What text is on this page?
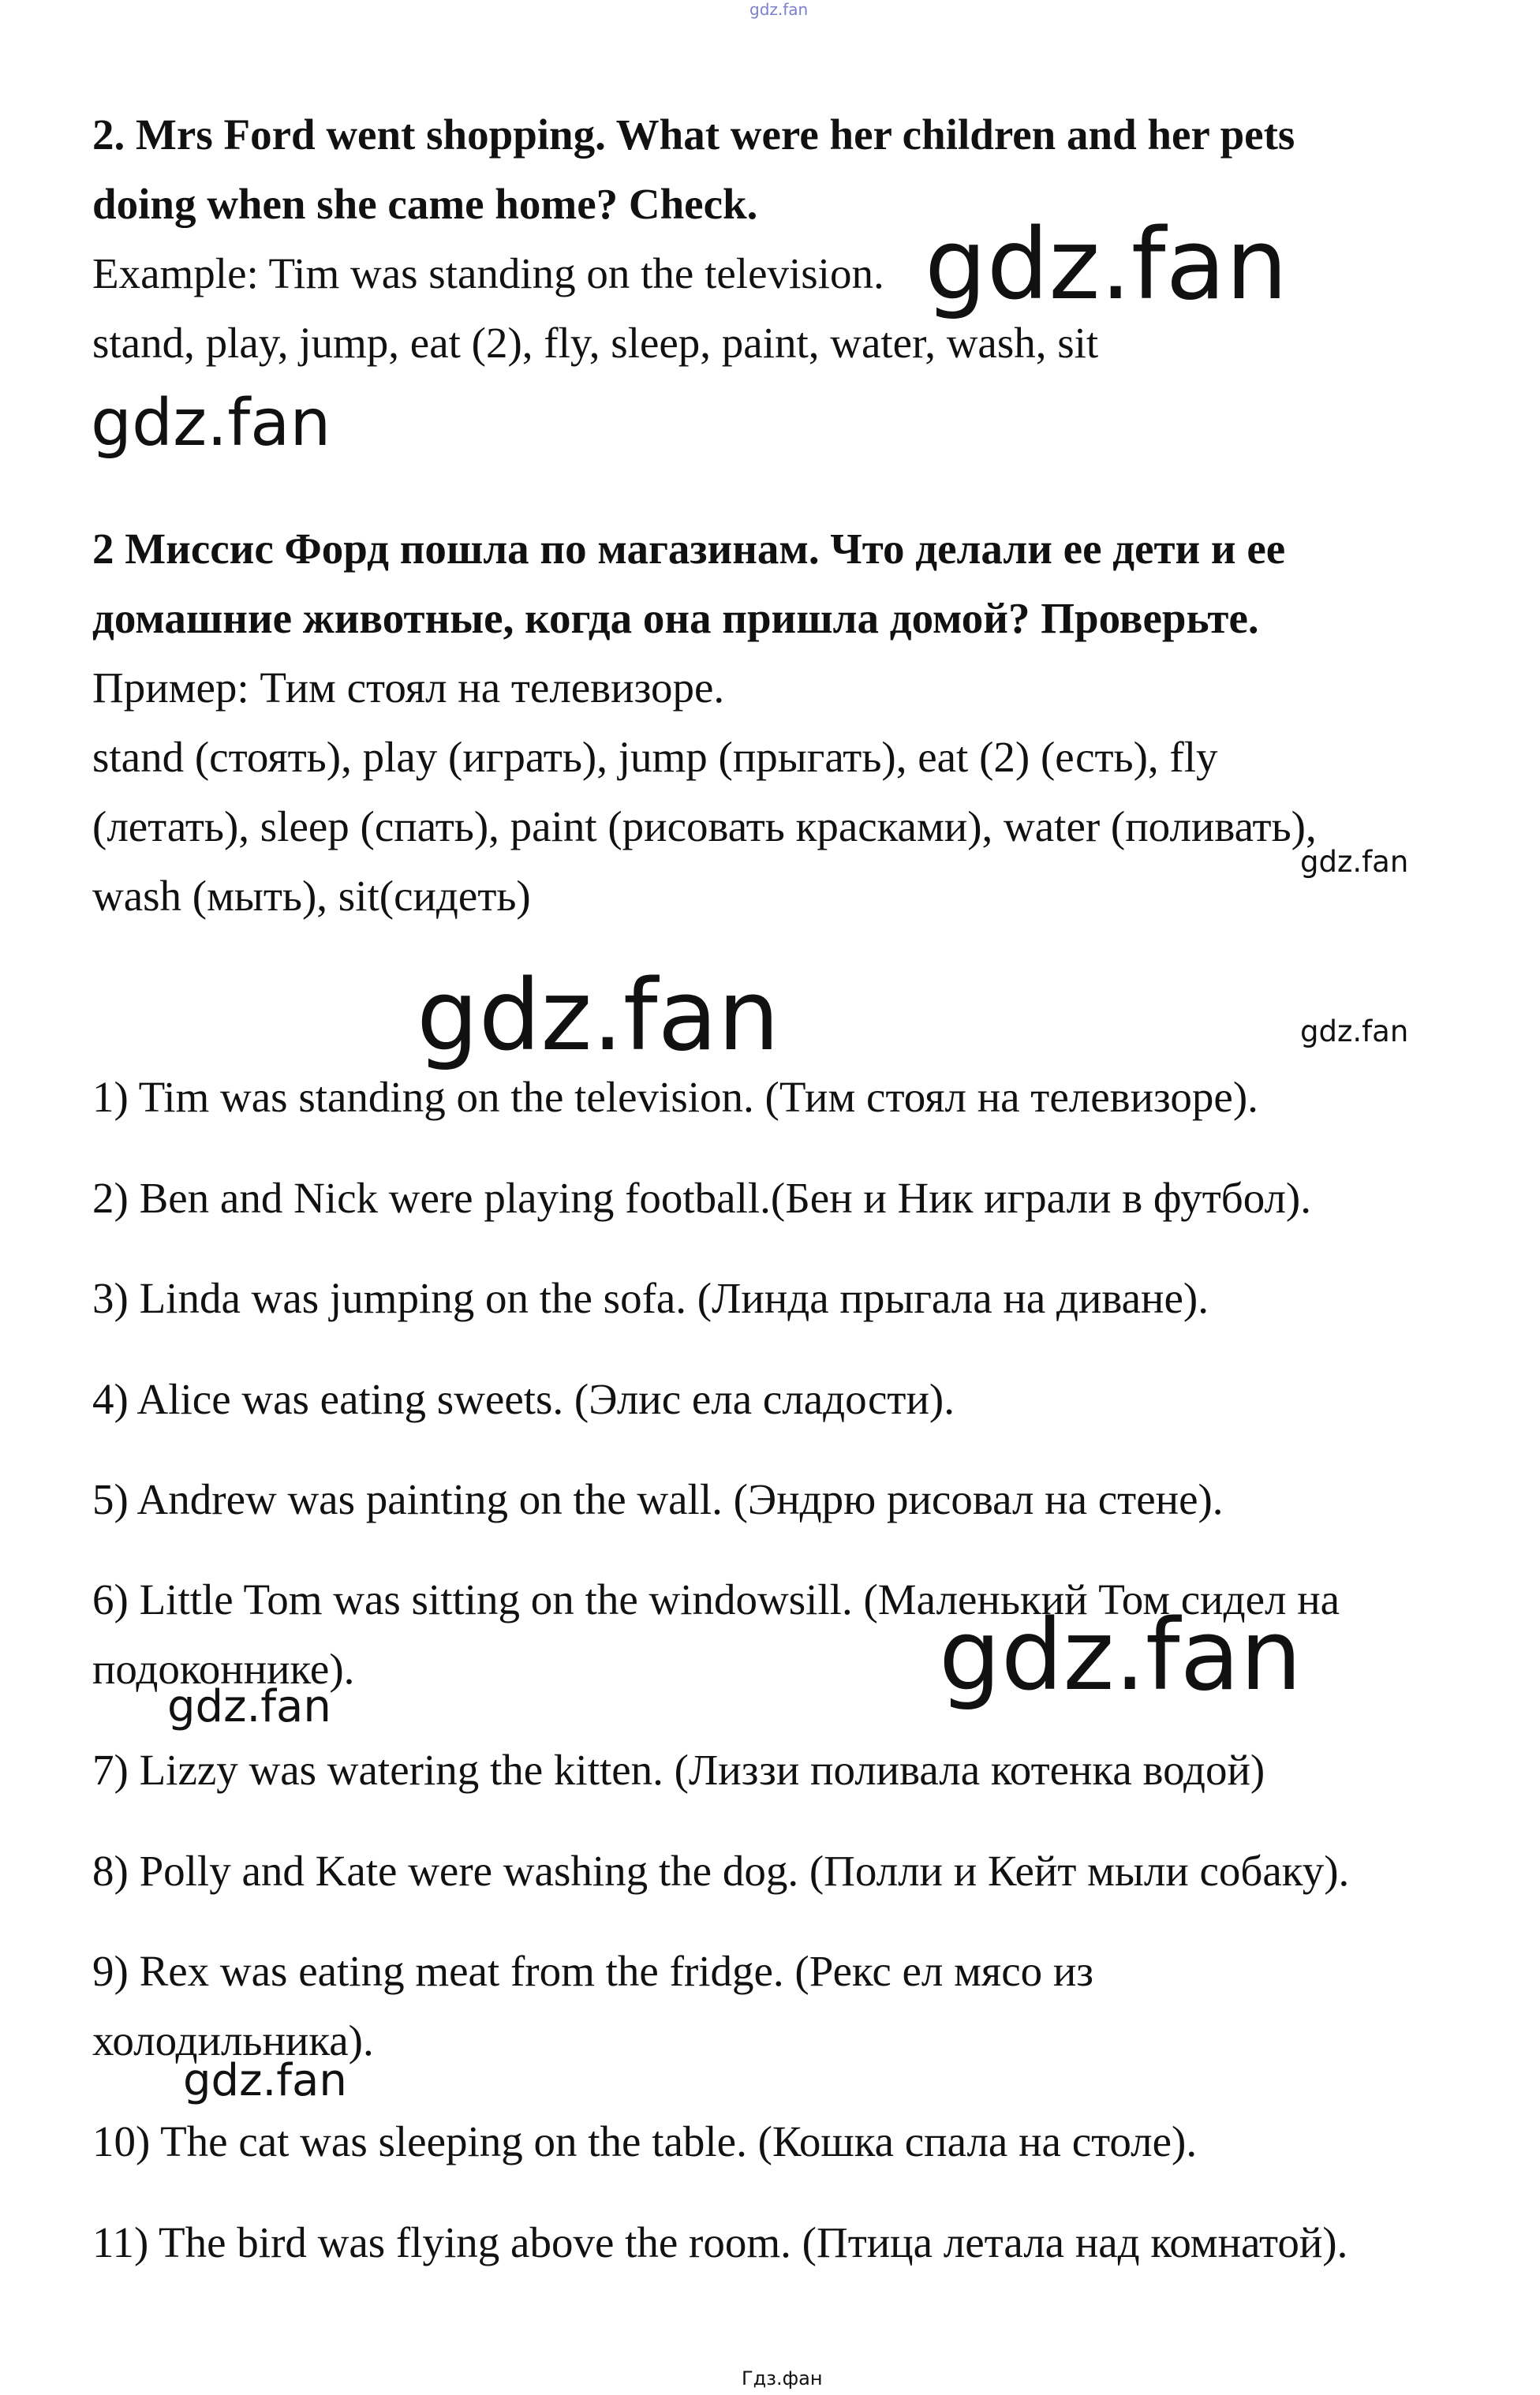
gdz.fan
2. Mrs Ford went shopping. What were her children and her pets
doing when she came home? Check.
Example: Tim was standing on the television. gdz.fan
stand, play, jump, eat (2), fly, sleep, paint, water, wash, sit
gdz.fan
2 Миссис Форд пошла по магазинам. Что делали ее дети и ее
домашние животные, когда она пришла домой? Проверьте.
Пример: Тим стоял на телевизоре.
stand (стоять), play (играть), jump (прыгать), eat (2) (есть), fly
(летать), sleep (спать), paint (рисовать красками), water (поливать),
wash (мыть), sit(сидеть)
gdz.fan
gdz.fan	gdz.fan
1) Tim was standing on the television. (Тим стоял на телевизоре).
2) Ben and Nick were playing football.(Бен и Ник играли в футбол).
3) Linda was jumping on the sofa. (Линда прыгала на диване).
4) Alice was eating sweets. (Элис ела сладости).
5) Andrew was painting on the wall. (Эндрю рисовал на стене).
6) Little Tom was sitting on the windowsill. (Маленький Том сидел на
подоконнике).	gdz.fan
gdz.fan
7) Lizzy was watering the kitten. (Лиззи поливала котенка водой)
8) Polly and Kate were washing the dog. (Полли и Кейт мыли собаку).
9) Rex was eating meat from the fridge. (Рекс ел мясо из
холодильника).
gdz.fan
10) The cat was sleeping on the table. (Кошка спала на столе).
11) The bird was flying above the room. (Птица летала над комнатой).
Гдз.фан
